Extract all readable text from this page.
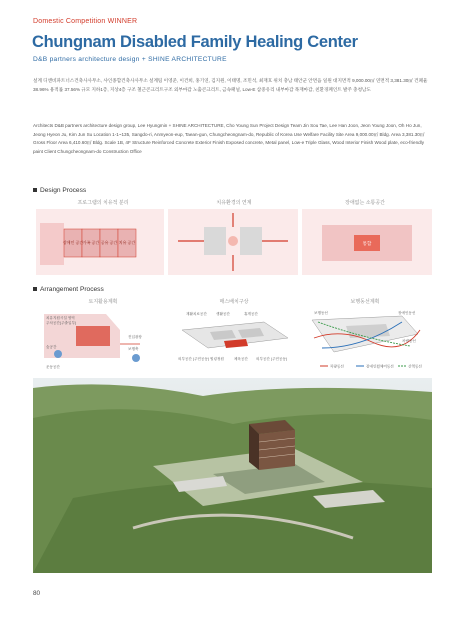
Domestic Competition WINNER
Chungnam Disabled Family Healing Center
D&B partners architecture design + SHINE ARCHITECTURE

설계 디앤비파트너스건축사사무소, 샤인종합건축사사무소 설계팀 이영준, 이건희, 홍기연, 김지원, 이태명, 조민석, 최재호 위치 충남 태안군 안면읍 일원 대지면적 9,000.00㎡ 연면적 3,381.30㎡ 건폐율 38.96% 용적률 37.56% 규모 지하1층, 지상4층 구조 철근콘크리트구조 외부마감 노출콘크리트, 금속패널, Low-E 삼중유리 내부마감 목재마감, 친환경페인트 발주 충청남도

Architects D&B partners architecture design group, Lee Hyungmin + SHINE ARCHITECTURE, Cho Young Sun Project Design Team Jin Sou Tae, Lee Han Joon, Jeon Young Joon, Oh Ho Jun, Jeong Hyeon Ju, Kim Jun Su Location 1-1~135, Sangdo-ri, Anmyeon-eup, Taean-gun, Chungcheongnam-do, Republic of Korea Use Welfare Facility Site Area 9,000.00㎡ Bldg. Area 3,381.30㎡ Gross Floor Area 6,410.60㎡ Bldg. Scale 1B, 4F Structure Reinforced Concrete Exterior Finish Exposed concrete, Metal panel, Low-e Triple Glass, Wood Interior Finish Wood plate, eco-friendly paint Client Chungcheongnam-do Construction Office

Design Process
프로그램의 치유적 분리	치유환경의 연계	장애없는 소통공간
장애인 공간 가족 공간 공유 공간 치유 공간	통합
Arrangement Process
토지활용계획	매스배치구상	보행동선계획
치유지원시설 영역
주차공간(주출입부)
진입광장
보행축
숲공간
운동공간
재활치료공간	생활공간	휴게공간
외부공간 (주민공동) 힐링정원	체육공간 외부공간 (주민공동)
보행동선	장애인동선
차량동선
차량동선	장애인휠체어동선	산책동선
80
